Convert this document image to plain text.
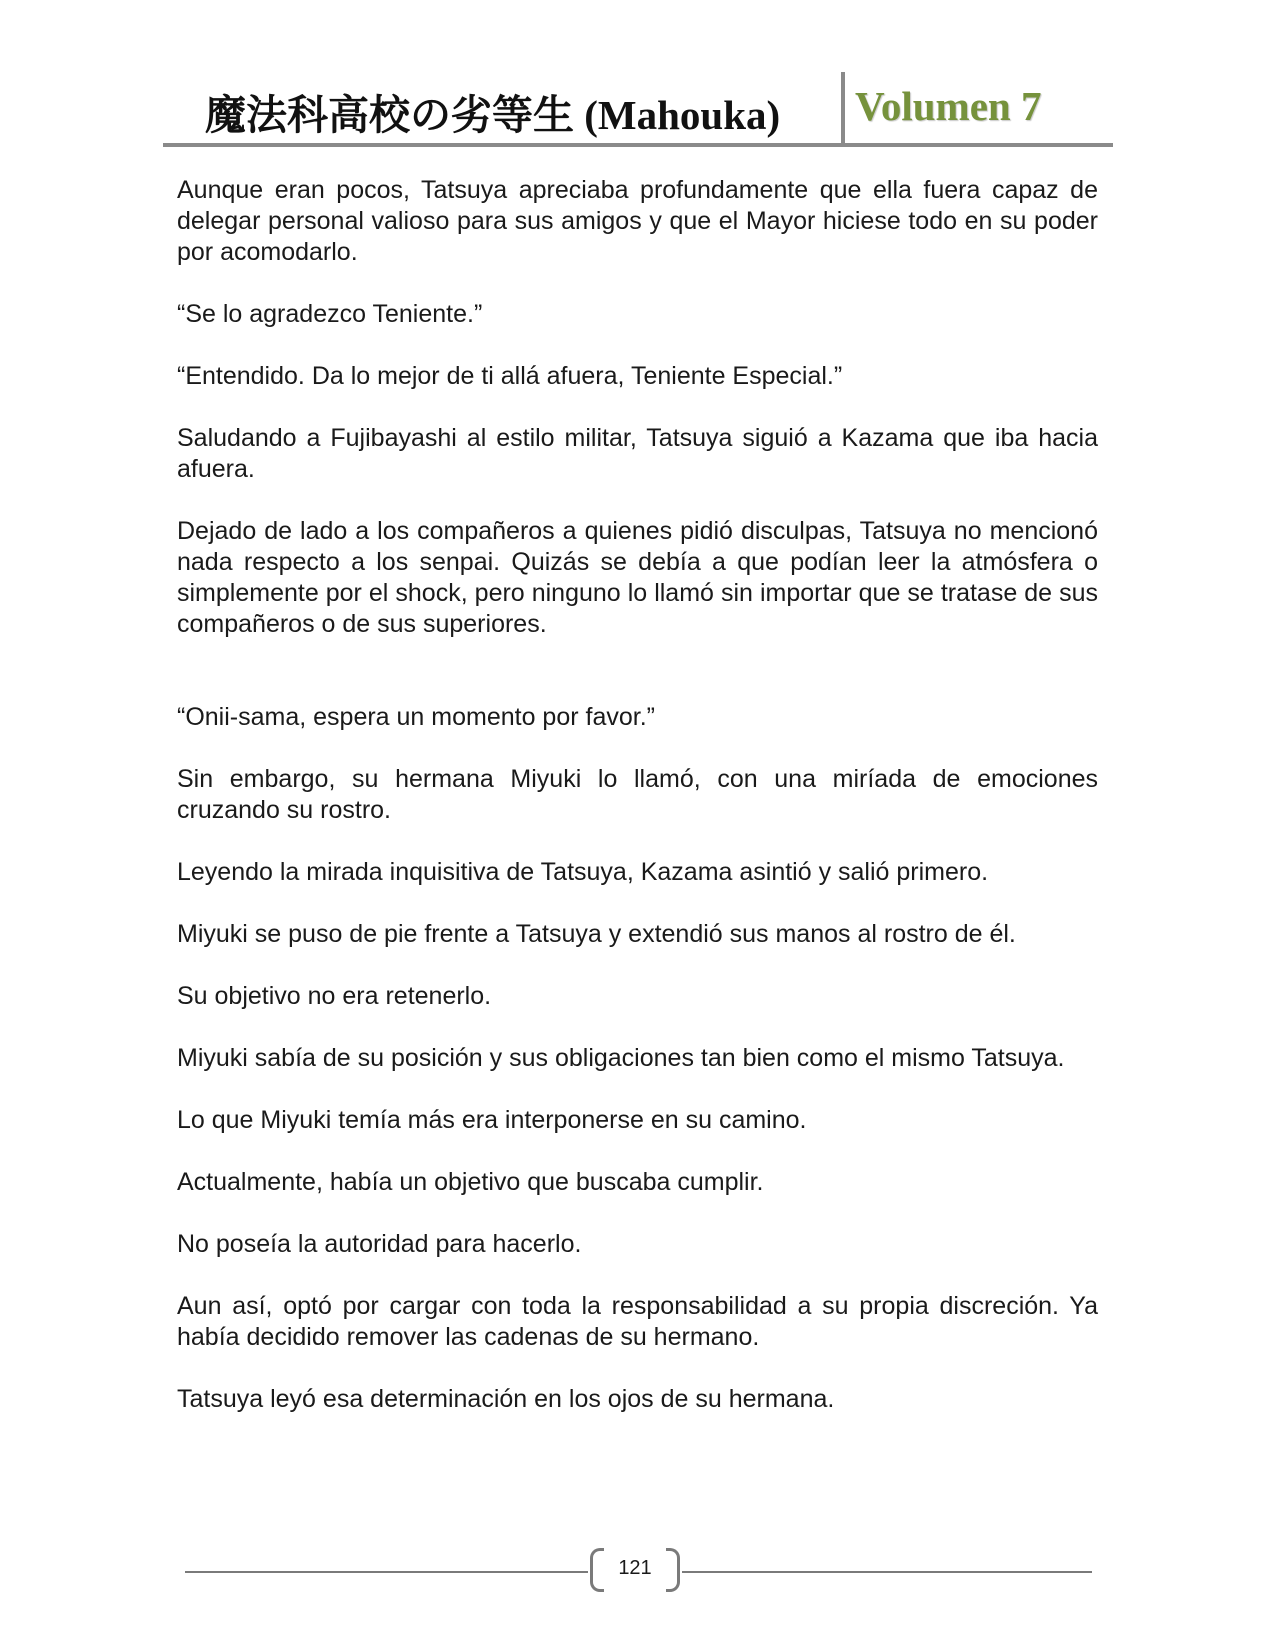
魔法科高校の劣等生 (Mahouka) Volumen 7

Aunque eran pocos, Tatsuya apreciaba profundamente que ella fuera capaz de delegar personal valioso para sus amigos y que el Mayor hiciese todo en su poder por acomodarlo.

“Se lo agradezco Teniente.”

“Entendido. Da lo mejor de ti allá afuera, Teniente Especial.”

Saludando a Fujibayashi al estilo militar, Tatsuya siguió a Kazama que iba hacia afuera.

Dejado de lado a los compañeros a quienes pidió disculpas, Tatsuya no mencionó nada respecto a los senpai. Quizás se debía a que podían leer la atmósfera o simplemente por el shock, pero ninguno lo llamó sin importar que se tratase de sus compañeros o de sus superiores.

“Onii-sama, espera un momento por favor.”

Sin embargo, su hermana Miyuki lo llamó, con una miríada de emociones cruzando su rostro.

Leyendo la mirada inquisitiva de Tatsuya, Kazama asintió y salió primero.

Miyuki se puso de pie frente a Tatsuya y extendió sus manos al rostro de él.

Su objetivo no era retenerlo.

Miyuki sabía de su posición y sus obligaciones tan bien como el mismo Tatsuya.

Lo que Miyuki temía más era interponerse en su camino.

Actualmente, había un objetivo que buscaba cumplir.

No poseía la autoridad para hacerlo.

Aun así, optó por cargar con toda la responsabilidad a su propia discreción. Ya había decidido remover las cadenas de su hermano.

Tatsuya leyó esa determinación en los ojos de su hermana.

121
